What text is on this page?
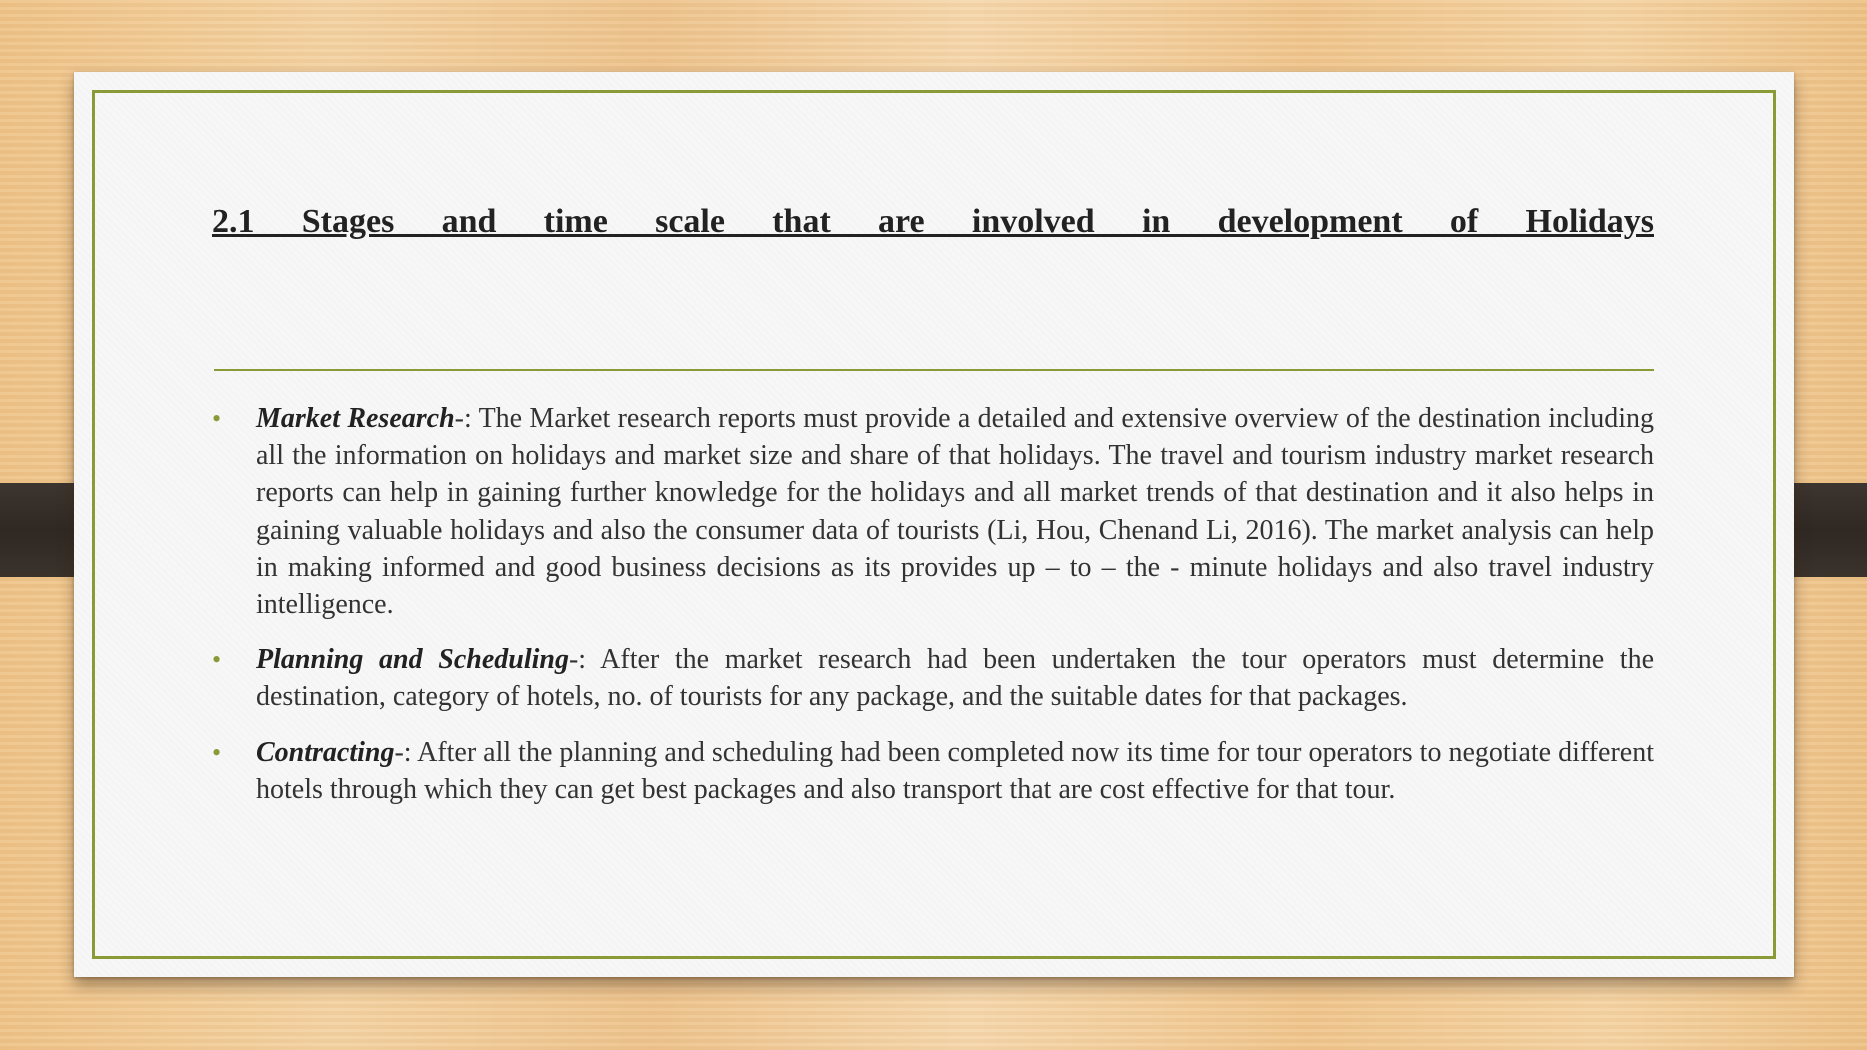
2.1 Stages and time scale that are involved in development of Holidays
• Market Research-: The Market research reports must provide a detailed and extensive overview of the destination including all the information on holidays and market size and share of that holidays. The travel and tourism industry market research reports can help in gaining further knowledge for the holidays and all market trends of that destination and it also helps in gaining valuable holidays and also the consumer data of tourists (Li, Hou, Chenand Li, 2016). The market analysis can help in making informed and good business decisions as its provides up – to – the - minute holidays and also travel industry intelligence.
• Planning and Scheduling-: After the market research had been undertaken the tour operators must determine the destination, category of hotels, no. of tourists for any package, and the suitable dates for that packages.
• Contracting-: After all the planning and scheduling had been completed now its time for tour operators to negotiate different hotels through which they can get best packages and also transport that are cost effective for that tour.
